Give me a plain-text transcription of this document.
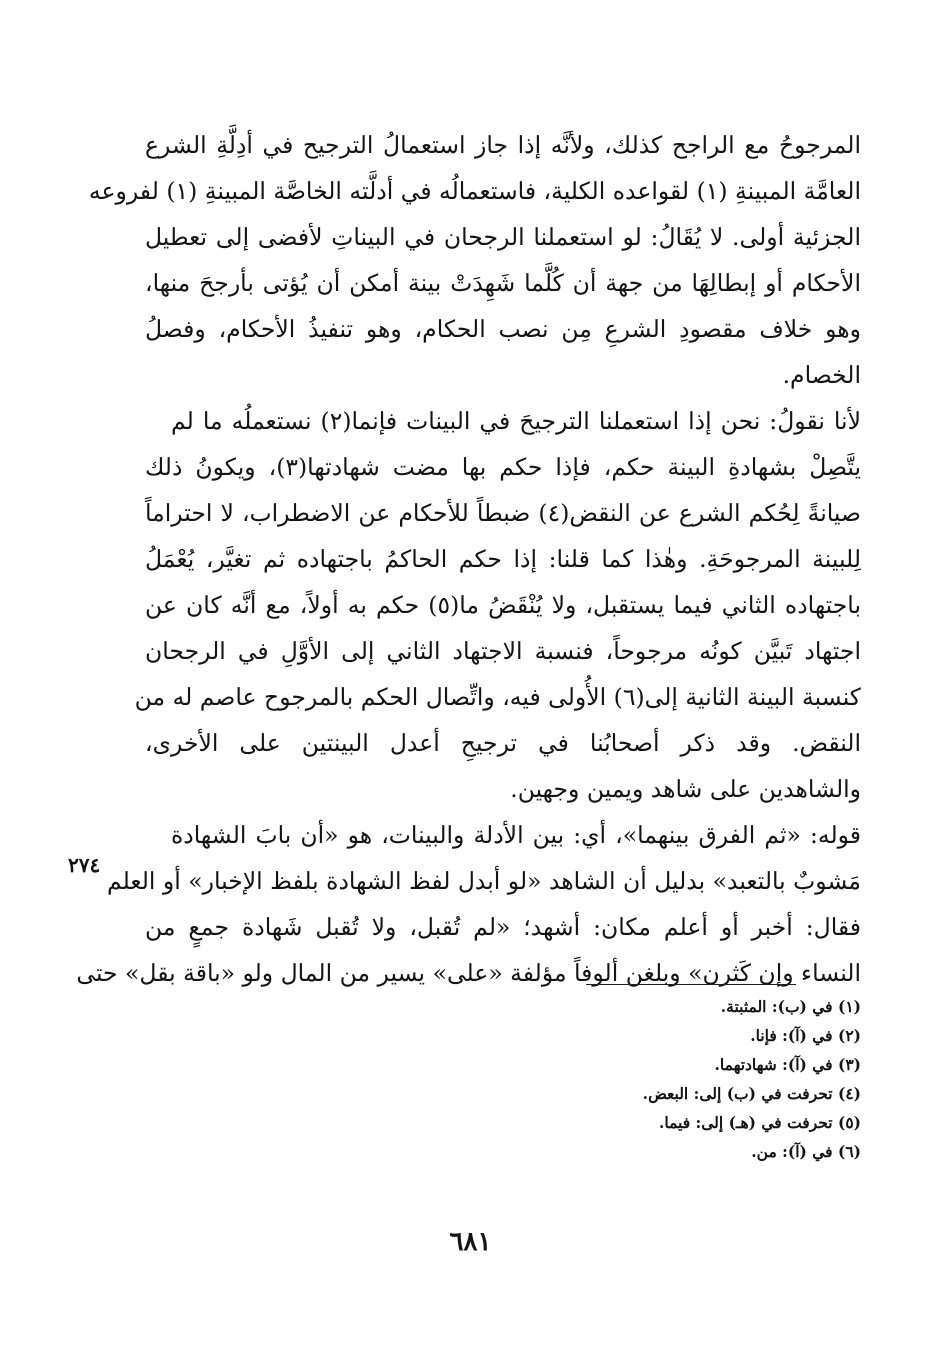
المرجوحُ مع الراجح كذلك، ولأنَّه إذا جاز استعمالُ الترجيح في أدِلَّةِ الشرع
العامَّة المبينةِ (١) لقواعده الكلية، فاستعمالُه في أدلَّته الخاصَّة المبينةِ (١) لفروعه
الجزئية أولى. لا يُقَالُ: لو استعملنا الرجحان في البيناتِ لأفضى إلى تعطيل
الأحكام أو إبطالِهَا من جهة أن كُلَّما شَهِدَتْ بينة أمكن أن يُؤتى بأرجحَ منها،
وهو خلاف مقصودِ الشرعِ مِن نصب الحكام، وهو تنفيذُ الأحكام، وفصلُ
الخصام.
لأنا نقولُ: نحن إذا استعملنا الترجيحَ في البينات فإنما(٢) نستعملُه ما لم
يتَّصِلْ بشهادةِ البينة حكم، فإذا حكم بها مضت شهادتها(٣)، ويكونُ ذلك
صيانةً لِحُكم الشرع عن النقض(٤) ضبطاً للأحكام عن الاضطراب، لا احتراماً
لِلبينة المرجوحَةِ. وهٰذا كما قلنا: إذا حكم الحاكمُ باجتهاده ثم تغيَّر، يُعْمَلُ
باجتهاده الثاني فيما يستقبل، ولا يُنْقَضُ ما(٥) حكم به أولاً، مع أنَّه كان عن
اجتهاد تَبيَّن كونُه مرجوحاً، فنسبة الاجتهاد الثاني إلى الأوَّلِ في الرجحان
كنسبة البينة الثانية إلى(٦) الأُولى فيه، واتِّصال الحكم بالمرجوح عاصم له من
النقض. وقد ذكر أصحابُنا في ترجيحِ أعدل البينتين على الأخرى،
والشاهدين على شاهد ويمين وجهين.
قوله: «ثم الفرق بينهما»، أي: بين الأدلة والبينات، هو «أن بابَ الشهادة
مَشوبٌ بالتعبد» بدليل أن الشاهد «لو أبدل لفظ الشهادة بلفظ الإخبار» أو العلم
فقال: أخبر أو أعلم مكان: أشهد؛ «لم تُقبل، ولا تُقبل شَهادة جمعٍ من
النساء وإن كَثرن» وبلغن ألوفاً مؤلفة «على» يسير من المال ولو «باقة بقل» حتى
٢٧٤
(١) في (ب): المثبتة.
(٢) في (آ): فإنا.
(٣) في (آ): شهادتهما.
(٤) تحرفت في (ب) إلى: البعض.
(٥) تحرفت في (هـ) إلى: فيما.
(٦) في (آ): من.
٦٨١
